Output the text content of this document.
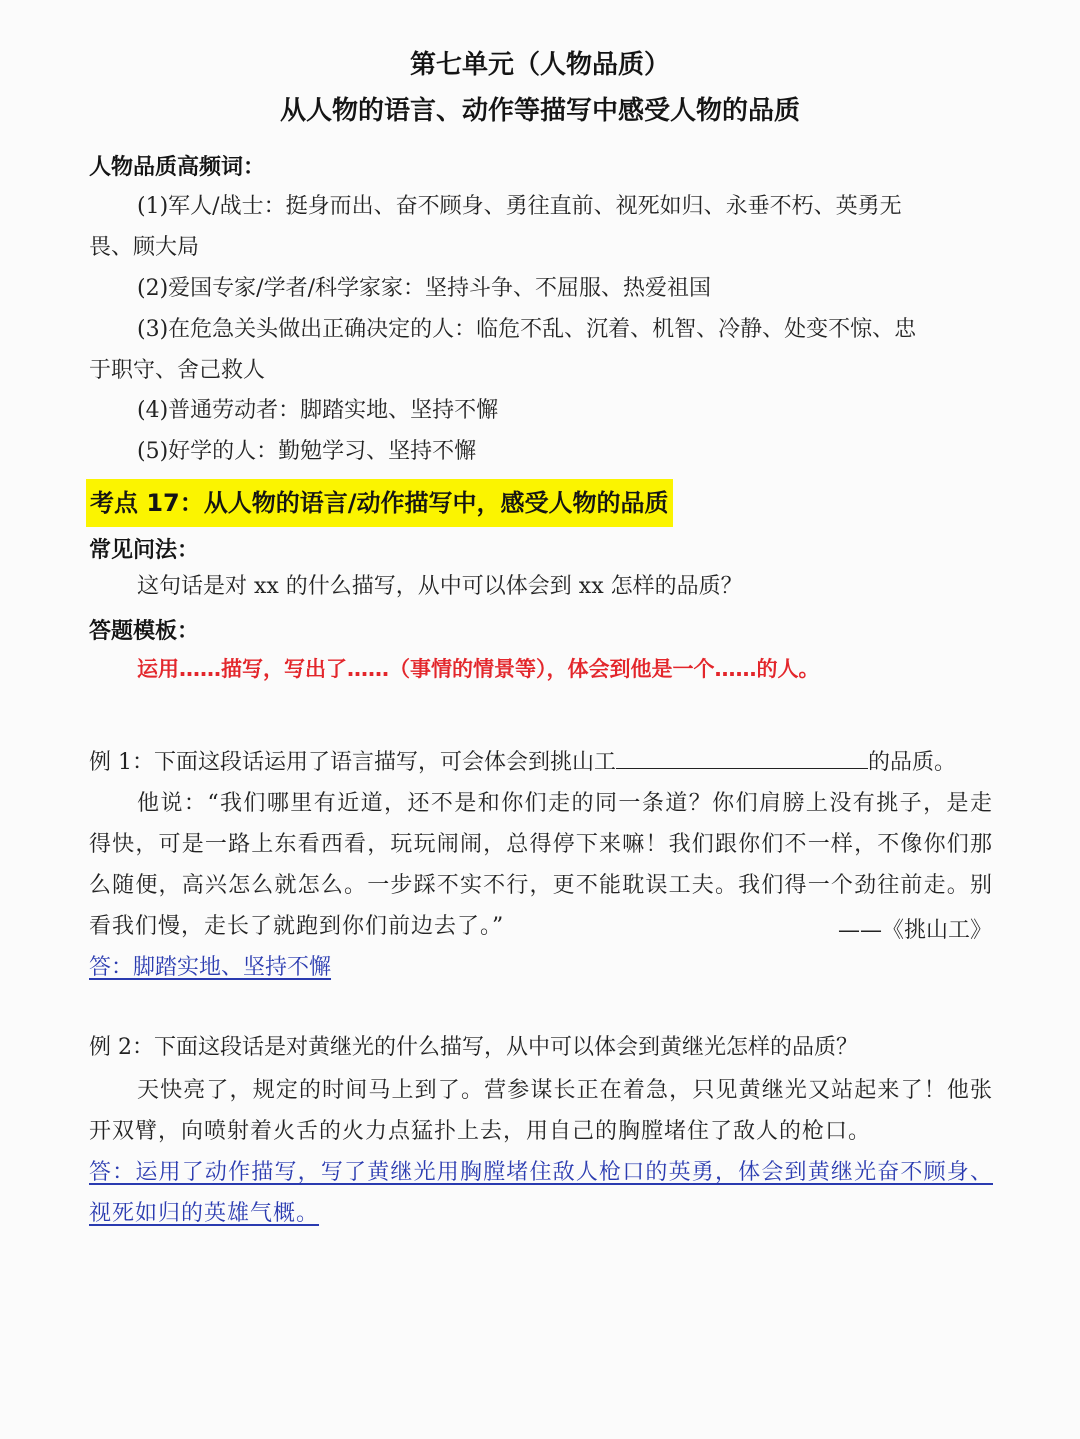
第七单元（人物品质）
从人物的语言、动作等描写中感受人物的品质
人物品质高频词：
(1)军人/战士：挺身而出、奋不顾身、勇往直前、视死如归、永垂不朽、英勇无
畏、顾大局
(2)爱国专家/学者/科学家家：坚持斗争、不屈服、热爱祖国
(3)在危急关头做出正确决定的人：临危不乱、沉着、机智、冷静、处变不惊、忠
于职守、舍己救人
(4)普通劳动者：脚踏实地、坚持不懈
(5)好学的人：勤勉学习、坚持不懈
考点 17：从人物的语言/动作描写中，感受人物的品质
常见问法：
这句话是对 xx 的什么描写，从中可以体会到 xx 怎样的品质？
答题模板：
运用……描写，写出了……（事情的情景等），体会到他是一个……的人。
例 1：下面这段话运用了语言描写，可会体会到挑山工	的品质。
他说：“我们哪里有近道，还不是和你们走的同一条道？你们肩膀上没有挑子，是走得快，可是一路上东看西看，玩玩闹闹，总得停下来嘛！我们跟你们不一样，不像你们那么随便，高兴怎么就怎么。一步踩不实不行，更不能耽误工夫。我们得一个劲往前走。别看我们慢，走长了就跑到你们前边去了。”	——《挑山工》
答：脚踏实地、坚持不懈
例 2：下面这段话是对黄继光的什么描写，从中可以体会到黄继光怎样的品质？
天快亮了，规定的时间马上到了。营参谋长正在着急，只见黄继光又站起来了！他张开双臂，向喷射着火舌的火力点猛扑上去，用自己的胸膛堵住了敌人的枪口。
答：运用了动作描写，写了黄继光用胸膛堵住敌人枪口的英勇，体会到黄继光奋不顾身、视死如归的英雄气概。
